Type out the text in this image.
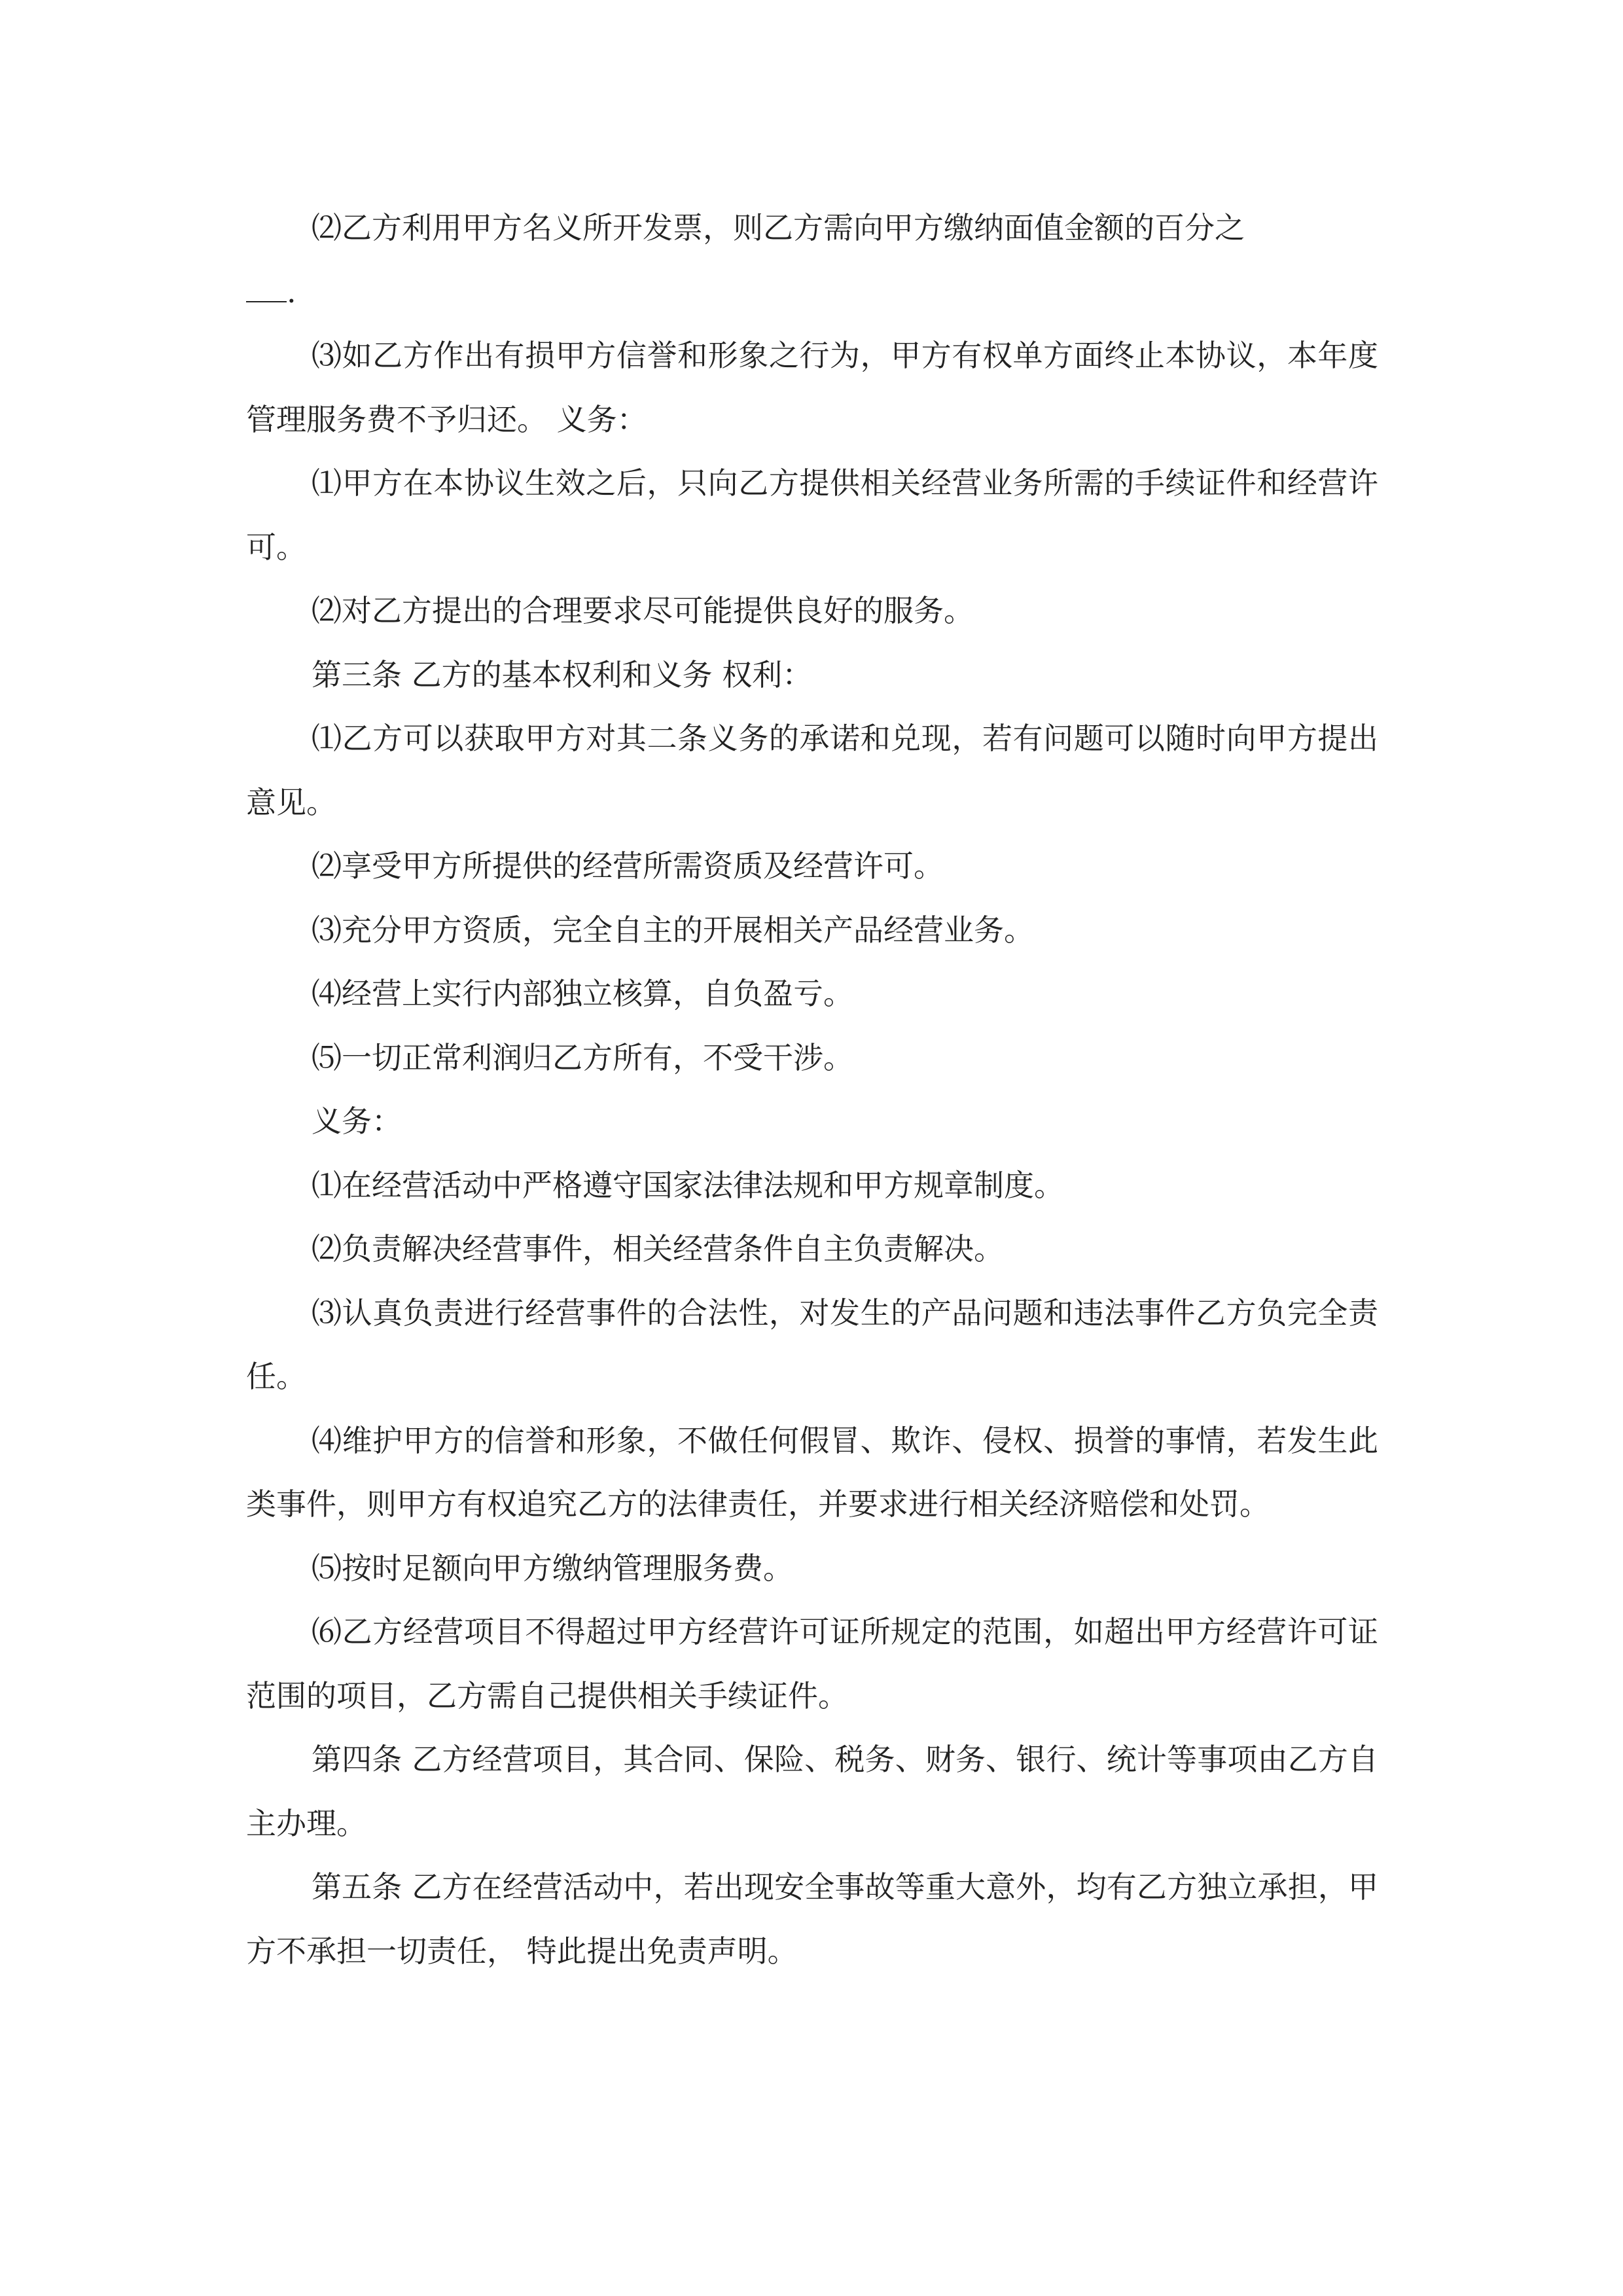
⑵乙方利用甲方名义所开发票，则乙方需向甲方缴纳面值金额的百分之

.

⑶如乙方作出有损甲方信誉和形象之行为，甲方有权单方面终止本协议，本年度管理服务费不予归还。 义务：

⑴甲方在本协议生效之后，只向乙方提供相关经营业务所需的手续证件和经营许可。

⑵对乙方提出的合理要求尽可能提供良好的服务。

第三条 乙方的基本权利和义务 权利：

⑴乙方可以获取甲方对其二条义务的承诺和兑现，若有问题可以随时向甲方提出意见。

⑵享受甲方所提供的经营所需资质及经营许可。

⑶充分甲方资质，完全自主的开展相关产品经营业务。

⑷经营上实行内部独立核算，自负盈亏。

⑸一切正常利润归乙方所有，不受干涉。

义务：

⑴在经营活动中严格遵守国家法律法规和甲方规章制度。

⑵负责解决经营事件，相关经营条件自主负责解决。

⑶认真负责进行经营事件的合法性，对发生的产品问题和违法事件乙方负完全责任。

⑷维护甲方的信誉和形象，不做任何假冒、欺诈、侵权、损誉的事情，若发生此类事件，则甲方有权追究乙方的法律责任，并要求进行相关经济赔偿和处罚。

⑸按时足额向甲方缴纳管理服务费。

⑹乙方经营项目不得超过甲方经营许可证所规定的范围，如超出甲方经营许可证范围的项目，乙方需自己提供相关手续证件。

第四条 乙方经营项目，其合同、保险、税务、财务、银行、统计等事项由乙方自主办理。

第五条 乙方在经营活动中，若出现安全事故等重大意外，均有乙方独立承担，甲方不承担一切责任， 特此提出免责声明。
